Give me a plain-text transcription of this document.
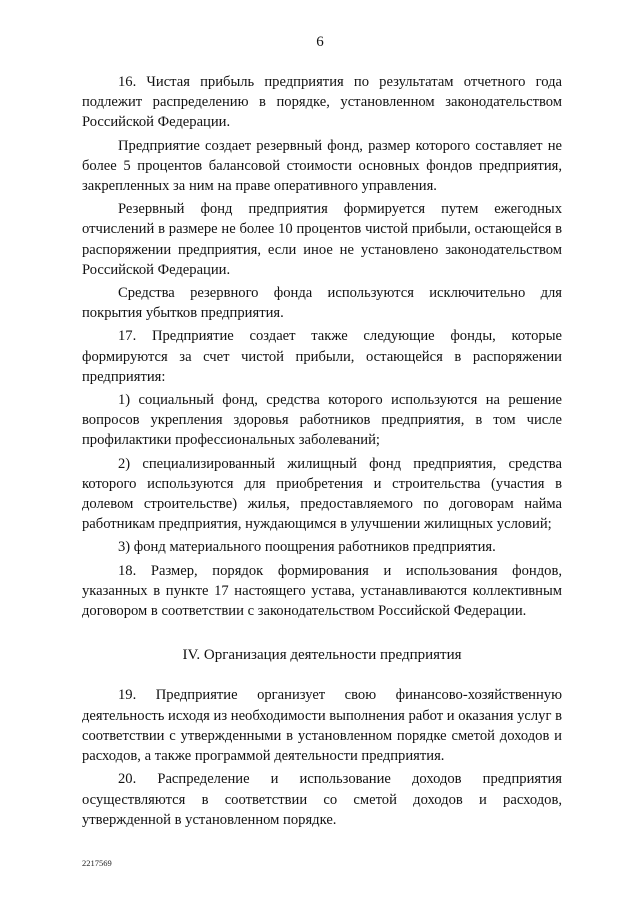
6

16. Чистая прибыль предприятия по результатам отчетного года подлежит распределению в порядке, установленном законодательством Российской Федерации.

Предприятие создает резервный фонд, размер которого составляет не более 5 процентов балансовой стоимости основных фондов предприятия, закрепленных за ним на праве оперативного управления.

Резервный фонд предприятия формируется путем ежегодных отчислений в размере не более 10 процентов чистой прибыли, остающейся в распоряжении предприятия, если иное не установлено законодательством Российской Федерации.

Средства резервного фонда используются исключительно для покрытия убытков предприятия.

17. Предприятие создает также следующие фонды, которые формируются за счет чистой прибыли, остающейся в распоряжении предприятия:

1) социальный фонд, средства которого используются на решение вопросов укрепления здоровья работников предприятия, в том числе профилактики профессиональных заболеваний;

2) специализированный жилищный фонд предприятия, средства которого используются для приобретения и строительства (участия в долевом строительстве) жилья, предоставляемого по договорам найма работникам предприятия, нуждающимся в улучшении жилищных условий;

3) фонд материального поощрения работников предприятия.

18. Размер, порядок формирования и использования фондов, указанных в пункте 17 настоящего устава, устанавливаются коллективным договором в соответствии с законодательством Российской Федерации.

IV. Организация деятельности предприятия

19. Предприятие организует свою финансово-хозяйственную деятельность исходя из необходимости выполнения работ и оказания услуг в соответствии с утвержденными в установленном порядке сметой доходов и расходов, а также программой деятельности предприятия.

20. Распределение и использование доходов предприятия осуществляются в соответствии со сметой доходов и расходов, утвержденной в установленном порядке.

2217569
